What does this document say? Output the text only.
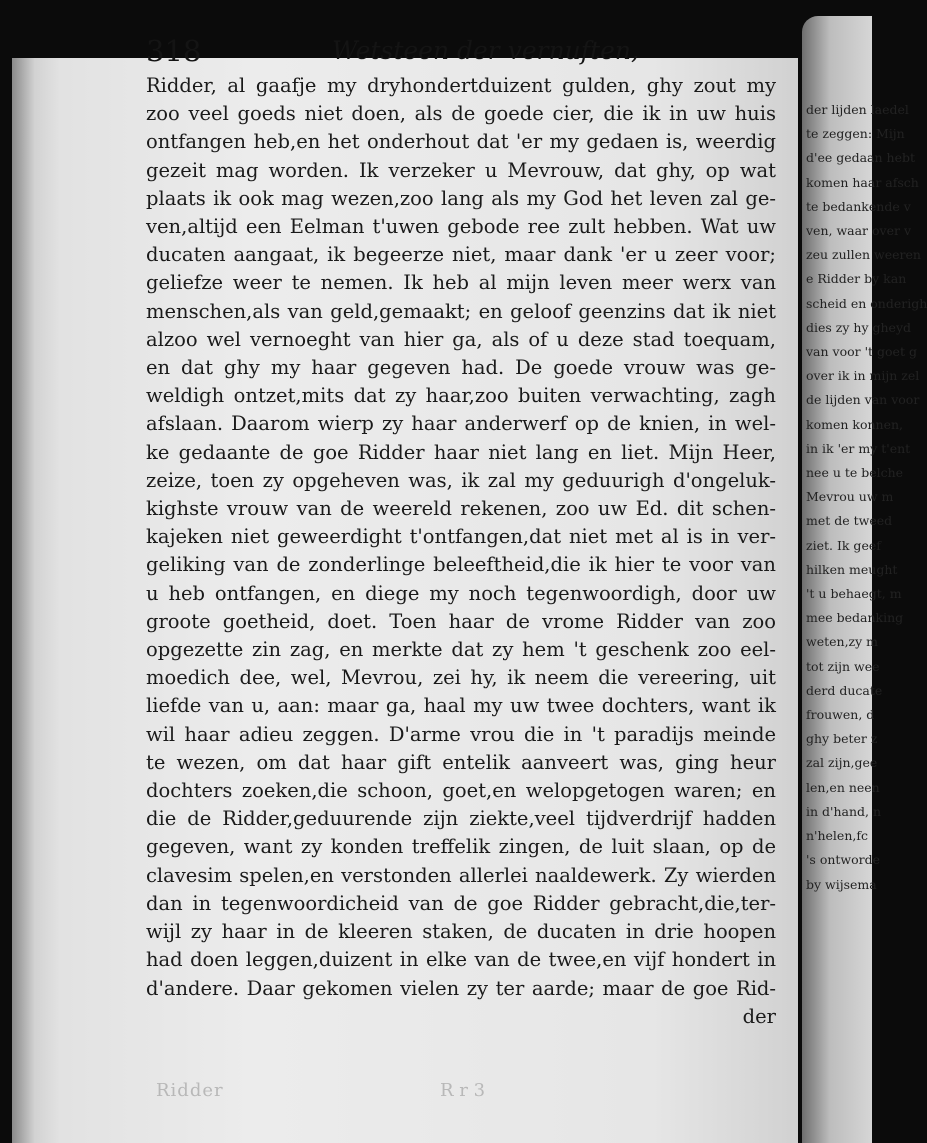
318	Wetsteen der vernuften,
Ridder, al gaafje my dryhondertduizent gulden, ghy zout my
zoo veel goeds niet doen, als de goede cier, die ik in uw huis
ontfangen heb,en het onderhout dat 'er my gedaen is, weerdig
gezeit mag worden. Ik verzeker u Mevrouw, dat ghy, op wat
plaats ik ook mag wezen,zoo lang als my God het leven zal ge-
ven,altijd een Eelman t'uwen gebode ree zult hebben. Wat uw
ducaten aangaat, ik begeerze niet, maar dank 'er u zeer voor;
geliefze weer te nemen. Ik heb al mijn leven meer werx van
menschen,als van geld,gemaakt; en geloof geenzins dat ik niet
alzoo wel vernoeght van hier ga, als of u deze stad toequam,
en dat ghy my haar gegeven had. De goede vrouw was ge-
weldigh ontzet,mits dat zy haar,zoo buiten verwachting, zagh
afslaan. Daarom wierp zy haar anderwerf op de knien, in wel-
ke gedaante de goe Ridder haar niet lang en liet. Mijn Heer,
zeize, toen zy opgeheven was, ik zal my geduurigh d'ongeluk-
kighste vrouw van de weereld rekenen, zoo uw Ed. dit schen-
kajeken niet geweerdight t'ontfangen,dat niet met al is in ver-
geliking van de zonderlinge beleeftheid,die ik hier te voor van
u heb ontfangen, en diege my noch tegenwoordigh, door uw
groote goetheid, doet. Toen haar de vrome Ridder van zoo
opgezette zin zag, en merkte dat zy hem 't geschenk zoo eel-
moedich dee, wel, Mevrou, zei hy, ik neem die vereering, uit
liefde van u, aan: maar ga, haal my uw twee dochters, want ik
wil haar adieu zeggen. D'arme vrou die in 't paradijs meinde
te wezen, om dat haar gift entelik aanveert was, ging heur
dochters zoeken,die schoon, goet,en welopgetogen waren; en
die de Ridder,geduurende zijn ziekte,veel tijdverdrijf hadden
gegeven, want zy konden treffelik zingen, de luit slaan, op de
clavesim spelen,en verstonden allerlei naaldewerk. Zy wierden
dan in tegenwoordicheid van de goe Ridder gebracht,die,ter-
wijl zy haar in de kleeren staken, de ducaten in drie hoopen
had doen leggen,duizent in elke van de twee,en vijf hondert in
d'andere. Daar gekomen vielen zy ter aarde; maar de goe Rid-
der
Ridder	R r 3
der lijden laedel
te zeggen: Mijn
d'ee gedaan hebt
komen haar afsch
te bedankende v
ven, waar over v
zeu zullen weeren
e Ridder by kan
scheid en onderigh
dies zy hy gheyd
van voor 't goet g
over ik in mijn zel
de lijden van voor
komen konnen,
in ik 'er my t'ent
nee u te belche
Mevrou uw m
met de tweed
ziet. Ik geef
hilken meught
't u behaegt, m
mee bedanking
weten,zy m
tot zijn wee
derd ducate
frouwen, d
ghy beter z
zal zijn,gee
len,en neen
in d'hand, n
n'helen,fc
's ontworde
by wijsema
